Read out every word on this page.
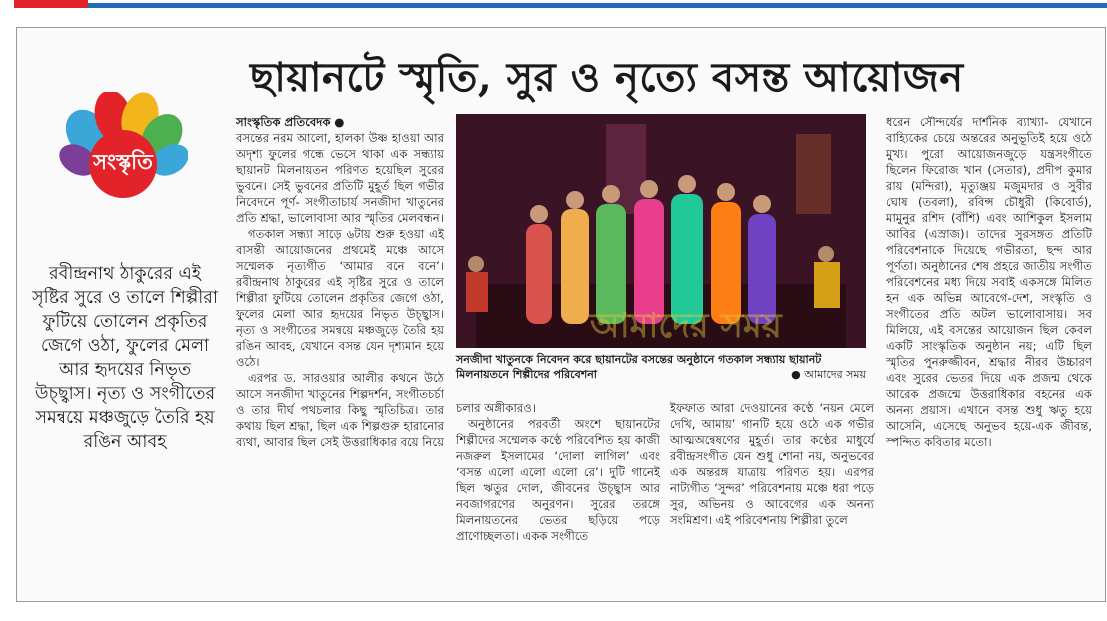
ছায়ানটে স্মৃতি, সুর ও নৃত্যে বসন্ত আয়োজন
সংস্কৃতি
রবীন্দ্রনাথ ঠাকুরের এই সৃষ্টির সুরে ও তালে শিল্পীরা ফুটিয়ে তোলেন প্রকৃতির জেগে ওঠা, ফুলের মেলা আর হৃদয়ের নিভৃত উচ্ছ্বাস। নৃত্য ও সংগীতের সমন্বয়ে মঞ্চজুড়ে তৈরি হয় রঙিন আবহ

সাংস্কৃতিক প্রতিবেদক ●

বসন্তের নরম আলো, হালকা উষ্ণ হাওয়া আর অদৃশ্য ফুলের গন্ধে ভেসে থাকা এক সন্ধ্যায় ছায়ানট মিলনায়তন পরিণত হয়েছিল সুরের ভুবনে। সেই ভুবনের প্রতিটি মুহূর্ত ছিল গভীর নিবেদনে পূর্ণ- সংগীতাচার্য সনজীদা খাতুনের প্রতি শ্রদ্ধা, ভালোবাসা আর স্মৃতির মেলবন্ধন।

গতকাল সন্ধ্যা সাড়ে ৬টায় শুরু হওয়া এই বাসন্তী আয়োজনের প্রথমেই মঞ্চে আসে সম্মেলক নৃত্যগীত ‘আমার বনে বনে’। রবীন্দ্রনাথ ঠাকুরের এই সৃষ্টির সুরে ও তালে শিল্পীরা ফুটিয়ে তোলেন প্রকৃতির জেগে ওঠা, ফুলের মেলা আর হৃদয়ের নিভৃত উচ্ছ্বাস। নৃত্য ও সংগীতের সমন্বয়ে মঞ্চজুড়ে তৈরি হয় রঙিন আবহ, যেখানে বসন্ত যেন দৃশ্যমান হয়ে ওঠে।

এরপর ড. সারওয়ার আলীর কথনে উঠে আসে সনজীদা খাতুনের শিল্পদর্শন, সংগীতচর্চা ও তার দীর্ঘ পথচলার কিছু স্মৃতিচিত্র। তার কথায় ছিল শ্রদ্ধা, ছিল এক শিল্পগুরু হারানোর ব্যথা, আবার ছিল সেই উত্তরাধিকার বয়ে নিয়ে

আমাদের সময়
সনজীদা খাতুনকে নিবেদন করে ছায়ানটের বসন্তের অনুষ্ঠানে গতকাল সন্ধ্যায় ছায়ানট মিলনায়তনে শিল্পীদের পরিবেশনা	● আমাদের সময়

চলার অঙ্গীকারও।

অনুষ্ঠানের পরবর্তী অংশে ছায়ানটের শিল্পীদের সম্মেলক কণ্ঠে পরিবেশিত হয় কাজী নজরুল ইসলামের ‘দোলা লাগিল’ এবং ‘বসন্ত এলো এলো এলো রে’। দুটি গানেই ছিল ঋতুর দোল, জীবনের উচ্ছ্বাস আর নবজাগরণের অনুরণন। সুরের তরঙ্গে মিলনায়তনের ভেতর ছড়িয়ে পড়ে প্রাণোচ্ছলতা। একক সংগীতে

ইফফাত আরা দেওয়ানের কণ্ঠে ‘নয়ন মেলে দেখি, আমায়’ গানটি হয়ে ওঠে এক গভীর আত্মঅন্বেষণের মুহূর্ত। তার কণ্ঠের মাধুর্যে রবীন্দ্রসংগীত যেন শুধু শোনা নয়, অনুভবের এক অন্তরঙ্গ যাত্রায় পরিণত হয়। এরপর নাট্যগীত ‘সুন্দর’ পরিবেশনায় মঞ্চে ধরা পড়ে সুর, অভিনয় ও আবেগের এক অনন্য সংমিশ্রণ। এই পরিবেশনায় শিল্পীরা তুলে

ধরেন সৌন্দর্যের দার্শনিক ব্যাখ্যা- যেখানে বাহ্যিকের চেয়ে অন্তরের অনুভূতিই হয়ে ওঠে মুখ্য। পুরো আয়োজনজুড়ে যন্ত্রসংগীতে ছিলেন ফিরোজ খান (সেতার), প্রদীপ কুমার রায় (মন্দিরা), মৃত্যুঞ্জয় মজুমদার ও সুবীর ঘোষ (তবলা), রবিন্স চৌধুরী (কিবোর্ড), মামুনুর রশিদ (বাঁশি) এবং আশিকুল ইসলাম আবির (এস্রাজ)। তাদের সুরসঙ্গত প্রতিটি পরিবেশনাকে দিয়েছে গভীরতা, ছন্দ আর পূর্ণতা। অনুষ্ঠানের শেষ প্রহরে জাতীয় সংগীত পরিবেশনের মধ্য দিয়ে সবাই একসঙ্গে মিলিত হন এক অভিন্ন আবেগে-দেশ, সংস্কৃতি ও সংগীতের প্রতি অটল ভালোবাসায়। সব মিলিয়ে, এই বসন্তের আয়োজন ছিল কেবল একটি সাংস্কৃতিক অনুষ্ঠান নয়; এটি ছিল স্মৃতির পুনরুজ্জীবন, শ্রদ্ধার নীরব উচ্চারণ এবং সুরের ভেতর দিয়ে এক প্রজন্ম থেকে আরেক প্রজন্মে উত্তরাধিকার বহনের এক অনন্য প্রয়াস। এখানে বসন্ত শুধু ঋতু হয়ে আসেনি, এসেছে অনুভব হয়ে-এক জীবন্ত, স্পন্দিত কবিতার মতো।
